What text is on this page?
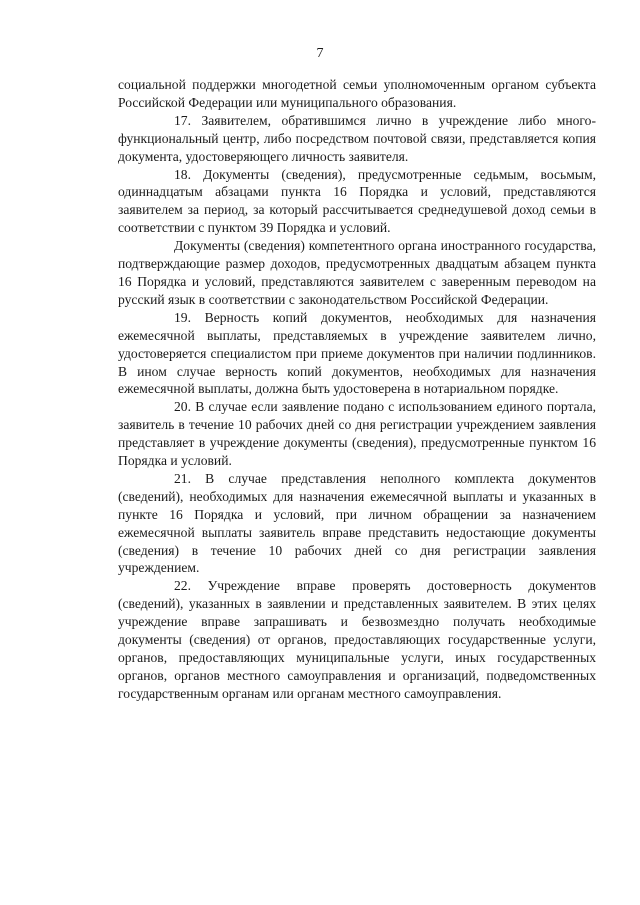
7

социальной поддержки многодетной семьи уполномоченным органом субъекта Российской Федерации или муниципального образования.

17. Заявителем, обратившимся лично в учреждение либо много-функциональный центр, либо посредством почтовой связи, представляется копия документа, удостоверяющего личность заявителя.

18. Документы (сведения), предусмотренные седьмым, восьмым, одиннадцатым абзацами пункта 16 Порядка и условий, представляются заявителем за период, за который рассчитывается среднедушевой доход семьи в соответствии с пунктом 39 Порядка и условий.

Документы (сведения) компетентного органа иностранного государства, подтверждающие размер доходов, предусмотренных двадцатым абзацем пункта 16 Порядка и условий, представляются заявителем с заверенным переводом на русский язык в соответствии с законодательством Российской Федерации.

19. Верность копий документов, необходимых для назначения ежемесячной выплаты, представляемых в учреждение заявителем лично, удостоверяется специалистом при приеме документов при наличии подлинников. В ином случае верность копий документов, необходимых для назначения ежемесячной выплаты, должна быть удостоверена в нотариальном порядке.

20. В случае если заявление подано с использованием единого портала, заявитель в течение 10 рабочих дней со дня регистрации учреждением заявления представляет в учреждение документы (сведения), предусмотренные пунктом 16 Порядка и условий.

21. В случае представления неполного комплекта документов (сведений), необходимых для назначения ежемесячной выплаты и указанных в пункте 16 Порядка и условий, при личном обращении за назначением ежемесячной выплаты заявитель вправе представить недостающие документы (сведения) в течение 10 рабочих дней со дня регистрации заявления учреждением.

22. Учреждение вправе проверять достоверность документов (сведений), указанных в заявлении и представленных заявителем. В этих целях учреждение вправе запрашивать и безвозмездно получать необходимые документы (сведения) от органов, предоставляющих государственные услуги, органов, предоставляющих муниципальные услуги, иных государственных органов, органов местного самоуправления и организаций, подведомственных государственным органам или органам местного самоуправления.
